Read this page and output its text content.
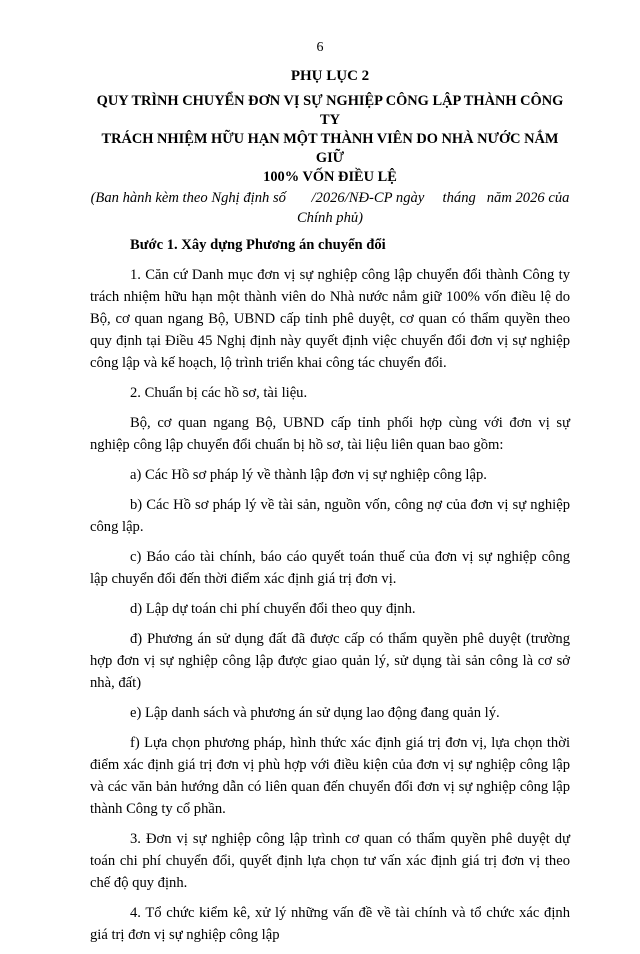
6

PHỤ LỤC 2

QUY TRÌNH CHUYỂN ĐƠN VỊ SỰ NGHIỆP CÔNG LẬP THÀNH CÔNG TY

TRÁCH NHIỆM HỮU HẠN MỘT THÀNH VIÊN DO NHÀ NƯỚC NẮM GIỮ

100% VỐN ĐIỀU LỆ

(Ban hành kèm theo Nghị định số       /2026/NĐ-CP ngày     tháng   năm 2026 của
Chính phủ)

Bước 1. Xây dựng Phương án chuyển đổi

1. Căn cứ Danh mục đơn vị sự nghiệp công lập chuyển đổi thành Công ty trách nhiệm hữu hạn một thành viên do Nhà nước nắm giữ 100% vốn điều lệ do Bộ, cơ quan ngang Bộ, UBND cấp tỉnh phê duyệt, cơ quan có thẩm quyền theo quy định tại Điều 45 Nghị định này quyết định việc chuyển đổi đơn vị sự nghiệp công lập và kế hoạch, lộ trình triển khai công tác chuyển đổi.

2. Chuẩn bị các hồ sơ, tài liệu.

Bộ, cơ quan ngang Bộ, UBND cấp tỉnh phối hợp cùng với đơn vị sự nghiệp công lập chuyển đổi chuẩn bị hồ sơ, tài liệu liên quan bao gồm:

a) Các Hồ sơ pháp lý về thành lập đơn vị sự nghiệp công lập.

b) Các Hồ sơ pháp lý về tài sản, nguồn vốn, công nợ của đơn vị sự nghiệp công lập.

c) Báo cáo tài chính, báo cáo quyết toán thuế của đơn vị sự nghiệp công lập chuyển đổi đến thời điểm xác định giá trị đơn vị.

d) Lập dự toán chi phí chuyển đổi theo quy định.

đ) Phương án sử dụng đất đã được cấp có thẩm quyền phê duyệt (trường hợp đơn vị sự nghiệp công lập được giao quản lý, sử dụng tài sản công là cơ sở nhà, đất)

e) Lập danh sách và phương án sử dụng lao động đang quản lý.

f) Lựa chọn phương pháp, hình thức xác định giá trị đơn vị, lựa chọn thời điểm xác định giá trị đơn vị phù hợp với điều kiện của đơn vị sự nghiệp công lập và các văn bản hướng dẫn có liên quan đến chuyển đổi đơn vị sự nghiệp công lập thành Công ty cổ phần.

3. Đơn vị sự nghiệp công lập trình cơ quan có thẩm quyền phê duyệt dự toán chi phí chuyển đổi, quyết định lựa chọn tư vấn xác định giá trị đơn vị theo chế độ quy định.

4. Tổ chức kiểm kê, xử lý những vấn đề về tài chính và tổ chức xác định giá trị đơn vị sự nghiệp công lập
